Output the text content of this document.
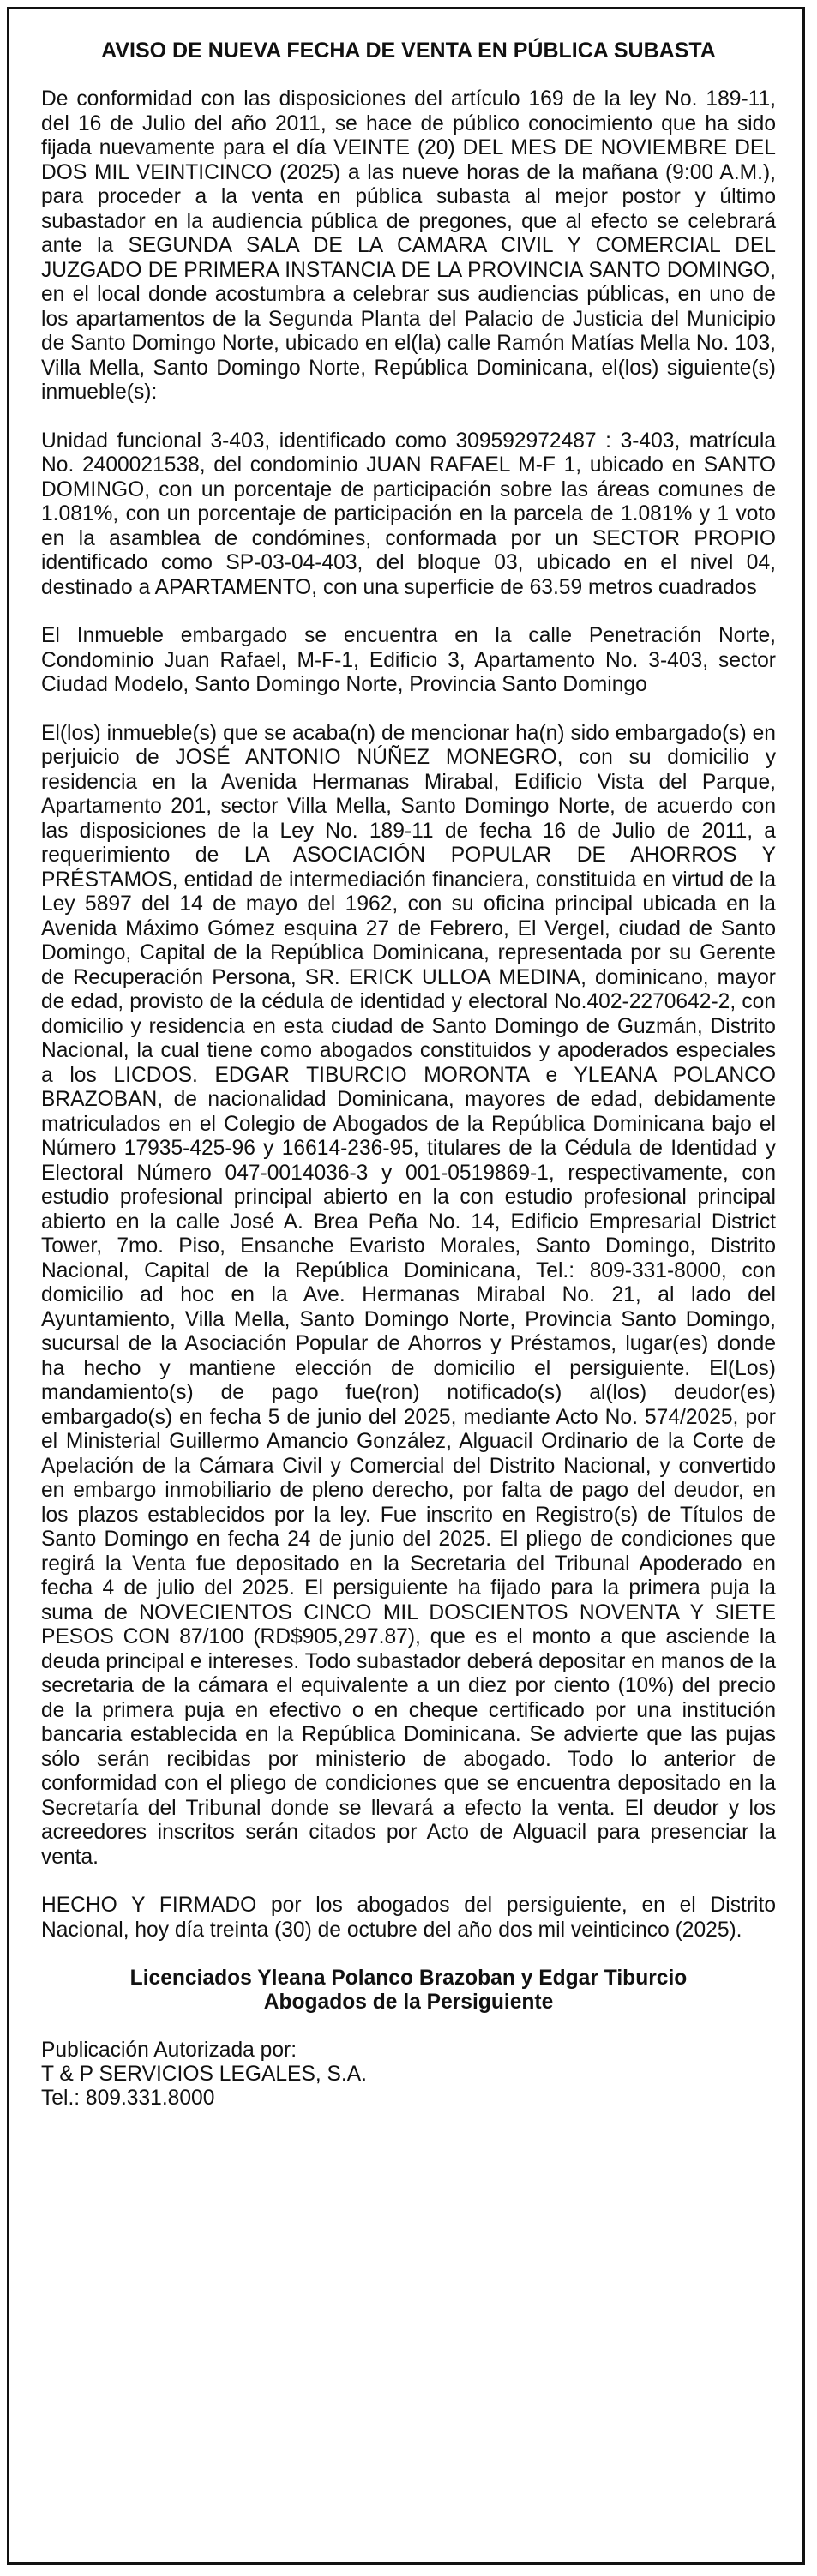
AVISO DE NUEVA FECHA DE VENTA EN PÚBLICA SUBASTA
De conformidad con las disposiciones del artículo 169 de la ley No. 189-11, del 16 de Julio del año 2011, se hace de público conocimiento que ha sido fijada nuevamente para el día VEINTE (20) DEL MES DE NOVIEMBRE DEL DOS MIL VEINTICINCO (2025) a las nueve horas de la mañana (9:00 A.M.), para proceder a la venta en pública subasta al mejor postor y último subastador en la audiencia pública de pregones, que al efecto se celebrará ante la SEGUNDA SALA DE LA CAMARA CIVIL Y COMERCIAL DEL JUZGADO DE PRIMERA INSTANCIA DE LA PROVINCIA SANTO DOMINGO, en el local donde acostumbra a celebrar sus audiencias públicas, en uno de los apartamentos de la Segunda Planta del Palacio de Justicia del Municipio de Santo Domingo Norte, ubicado en el(la) calle Ramón Matías Mella No. 103, Villa Mella, Santo Domingo Norte, República Dominicana, el(los) siguiente(s) inmueble(s):
Unidad funcional 3-403, identificado como 309592972487 : 3-403, matrícula No. 2400021538, del condominio JUAN RAFAEL M-F 1, ubicado en SANTO DOMINGO, con un porcentaje de participación sobre las áreas comunes de 1.081%, con un porcentaje de participación en la parcela de 1.081% y 1 voto en la asamblea de condómines, conformada por un SECTOR PROPIO identificado como SP-03-04-403, del bloque 03, ubicado en el nivel 04, destinado a APARTAMENTO, con una superficie de 63.59 metros cuadrados
El Inmueble embargado se encuentra en la calle Penetración Norte, Condominio Juan Rafael, M-F-1, Edificio 3, Apartamento No. 3-403, sector Ciudad Modelo, Santo Domingo Norte, Provincia Santo Domingo
El(los) inmueble(s) que se acaba(n) de mencionar ha(n) sido embargado(s) en perjuicio de JOSÉ ANTONIO NÚÑEZ MONEGRO, con su domicilio y residencia en la Avenida Hermanas Mirabal, Edificio Vista del Parque, Apartamento 201, sector Villa Mella, Santo Domingo Norte, de acuerdo con las disposiciones de la Ley No. 189-11 de fecha 16 de Julio de 2011, a requerimiento de LA ASOCIACIÓN POPULAR DE AHORROS Y PRÉSTAMOS, entidad de intermediación financiera, constituida en virtud de la Ley 5897 del 14 de mayo del 1962, con su oficina principal ubicada en la Avenida Máximo Gómez esquina 27 de Febrero, El Vergel, ciudad de Santo Domingo, Capital de la República Dominicana, representada por su Gerente de Recuperación Persona, SR. ERICK ULLOA MEDINA, dominicano, mayor de edad, provisto de la cédula de identidad y electoral No.402-2270642-2, con domicilio y residencia en esta ciudad de Santo Domingo de Guzmán, Distrito Nacional, la cual tiene como abogados constituidos y apoderados especiales a los LICDOS. EDGAR TIBURCIO MORONTA e YLEANA POLANCO BRAZOBAN, de nacionalidad Dominicana, mayores de edad, debidamente matriculados en el Colegio de Abogados de la República Dominicana bajo el Número 17935-425-96 y 16614-236-95, titulares de la Cédula de Identidad y Electoral Número 047-0014036-3 y 001-0519869-1, respectivamente, con estudio profesional principal abierto en la con estudio profesional principal abierto en la calle José A. Brea Peña No. 14, Edificio Empresarial District Tower, 7mo. Piso, Ensanche Evaristo Morales, Santo Domingo, Distrito Nacional, Capital de la República Dominicana, Tel.: 809-331-8000, con domicilio ad hoc en la Ave. Hermanas Mirabal No. 21, al lado del Ayuntamiento, Villa Mella, Santo Domingo Norte, Provincia Santo Domingo, sucursal de la Asociación Popular de Ahorros y Préstamos, lugar(es) donde ha hecho y mantiene elección de domicilio el persiguiente. El(Los) mandamiento(s) de pago fue(ron) notificado(s) al(los) deudor(es) embargado(s) en fecha 5 de junio del 2025, mediante Acto No. 574/2025, por el Ministerial Guillermo Amancio González, Alguacil Ordinario de la Corte de Apelación de la Cámara Civil y Comercial del Distrito Nacional, y convertido en embargo inmobiliario de pleno derecho, por falta de pago del deudor, en los plazos establecidos por la ley. Fue inscrito en Registro(s) de Títulos de Santo Domingo en fecha 24 de junio del 2025. El pliego de condiciones que regirá la Venta fue depositado en la Secretaria del Tribunal Apoderado en fecha 4 de julio del 2025. El persiguiente ha fijado para la primera puja la suma de NOVECIENTOS CINCO MIL DOSCIENTOS NOVENTA Y SIETE PESOS CON 87/100 (RD$905,297.87), que es el monto a que asciende la deuda principal e intereses. Todo subastador deberá depositar en manos de la secretaria de la cámara el equivalente a un diez por ciento (10%) del precio de la primera puja en efectivo o en cheque certificado por una institución bancaria establecida en la República Dominicana. Se advierte que las pujas sólo serán recibidas por ministerio de abogado. Todo lo anterior de conformidad con el pliego de condiciones que se encuentra depositado en la Secretaría del Tribunal donde se llevará a efecto la venta. El deudor y los acreedores inscritos serán citados por Acto de Alguacil para presenciar la venta.
HECHO Y FIRMADO por los abogados del persiguiente, en el Distrito Nacional, hoy día treinta (30) de octubre del año dos mil veinticinco (2025).
Licenciados Yleana Polanco Brazoban y Edgar Tiburcio
Abogados de la Persiguiente
Publicación Autorizada por:
T & P SERVICIOS LEGALES, S.A.
Tel.: 809.331.8000
